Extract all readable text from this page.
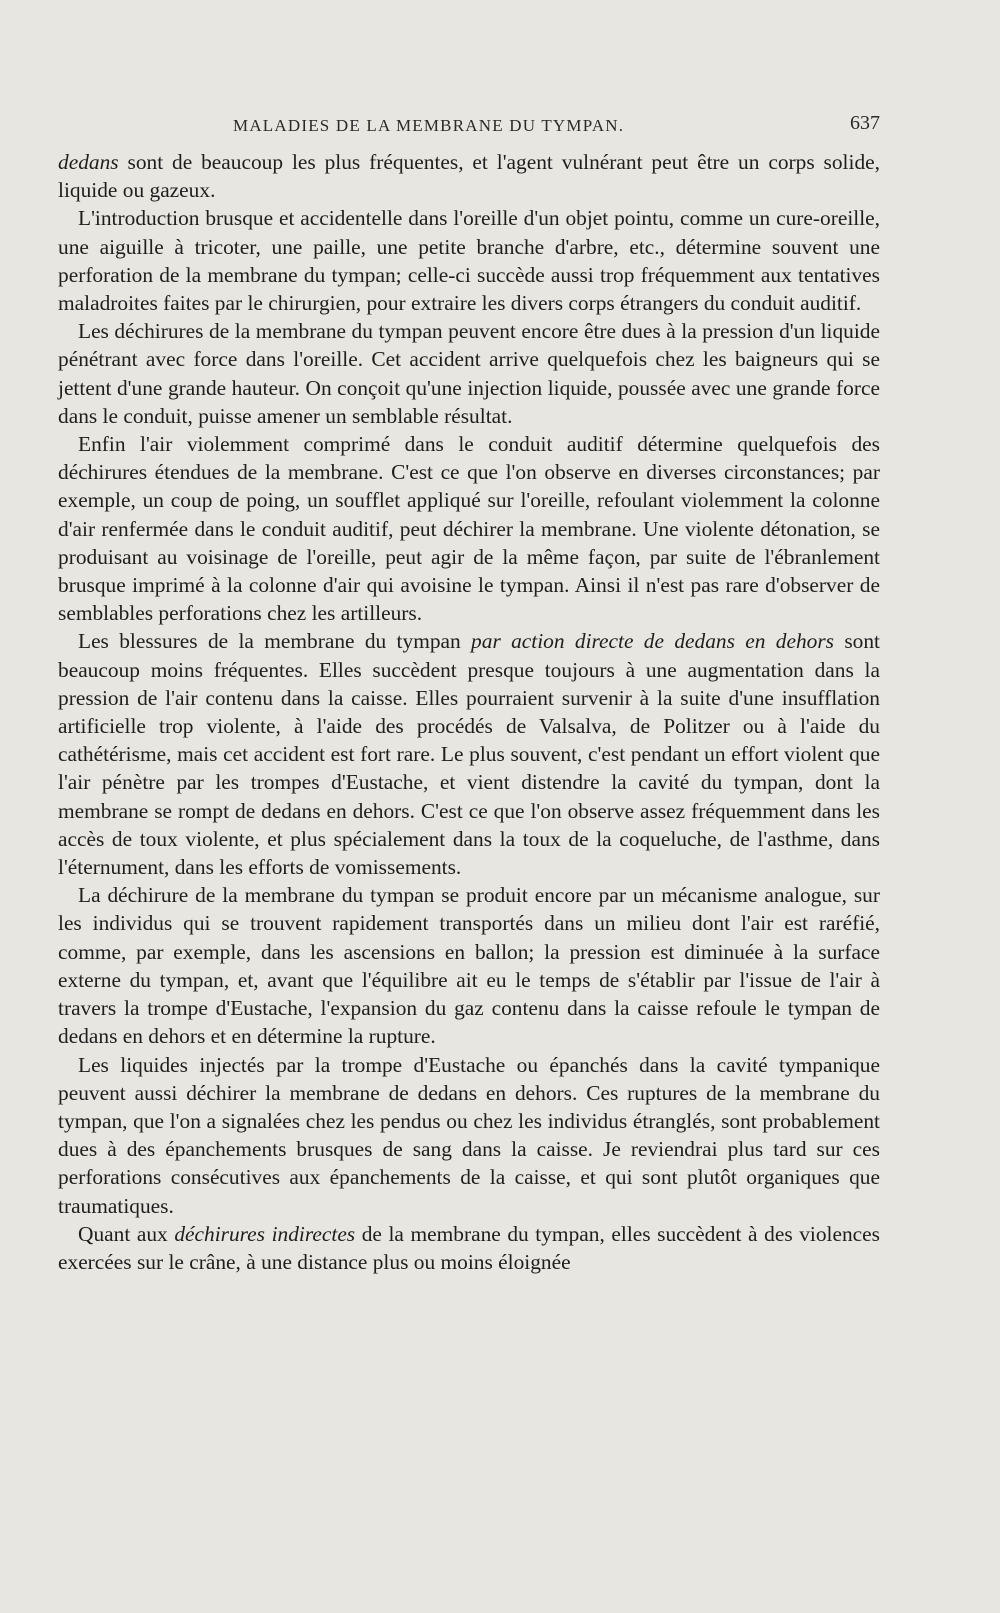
MALADIES DE LA MEMBRANE DU TYMPAN.	637

dedans sont de beaucoup les plus fréquentes, et l'agent vulnérant peut être un corps solide, liquide ou gazeux.

L'introduction brusque et accidentelle dans l'oreille d'un objet pointu, comme un cure-oreille, une aiguille à tricoter, une paille, une petite branche d'arbre, etc., détermine souvent une perforation de la membrane du tympan; celle-ci succède aussi trop fréquemment aux tentatives maladroites faites par le chirurgien, pour extraire les divers corps étrangers du conduit auditif.

Les déchirures de la membrane du tympan peuvent encore être dues à la pression d'un liquide pénétrant avec force dans l'oreille. Cet accident arrive quelquefois chez les baigneurs qui se jettent d'une grande hauteur. On conçoit qu'une injection liquide, poussée avec une grande force dans le conduit, puisse amener un semblable résultat.

Enfin l'air violemment comprimé dans le conduit auditif détermine quelquefois des déchirures étendues de la membrane. C'est ce que l'on observe en diverses circonstances; par exemple, un coup de poing, un soufflet appliqué sur l'oreille, refoulant violemment la colonne d'air renfermée dans le conduit auditif, peut déchirer la membrane. Une violente détonation, se produisant au voisinage de l'oreille, peut agir de la même façon, par suite de l'ébranlement brusque imprimé à la colonne d'air qui avoisine le tympan. Ainsi il n'est pas rare d'observer de semblables perforations chez les artilleurs.

Les blessures de la membrane du tympan par action directe de dedans en dehors sont beaucoup moins fréquentes. Elles succèdent presque toujours à une augmentation dans la pression de l'air contenu dans la caisse. Elles pourraient survenir à la suite d'une insufflation artificielle trop violente, à l'aide des procédés de Valsalva, de Politzer ou à l'aide du cathétérisme, mais cet accident est fort rare. Le plus souvent, c'est pendant un effort violent que l'air pénètre par les trompes d'Eustache, et vient distendre la cavité du tympan, dont la membrane se rompt de dedans en dehors. C'est ce que l'on observe assez fréquemment dans les accès de toux violente, et plus spécialement dans la toux de la coqueluche, de l'asthme, dans l'éternument, dans les efforts de vomissements.

La déchirure de la membrane du tympan se produit encore par un mécanisme analogue, sur les individus qui se trouvent rapidement transportés dans un milieu dont l'air est raréfié, comme, par exemple, dans les ascensions en ballon; la pression est diminuée à la surface externe du tympan, et, avant que l'équilibre ait eu le temps de s'établir par l'issue de l'air à travers la trompe d'Eustache, l'expansion du gaz contenu dans la caisse refoule le tympan de dedans en dehors et en détermine la rupture.

Les liquides injectés par la trompe d'Eustache ou épanchés dans la cavité tympanique peuvent aussi déchirer la membrane de dedans en dehors. Ces ruptures de la membrane du tympan, que l'on a signalées chez les pendus ou chez les individus étranglés, sont probablement dues à des épanchements brusques de sang dans la caisse. Je reviendrai plus tard sur ces perforations consécutives aux épanchements de la caisse, et qui sont plutôt organiques que traumatiques.

Quant aux déchirures indirectes de la membrane du tympan, elles succèdent à des violences exercées sur le crâne, à une distance plus ou moins éloignée
